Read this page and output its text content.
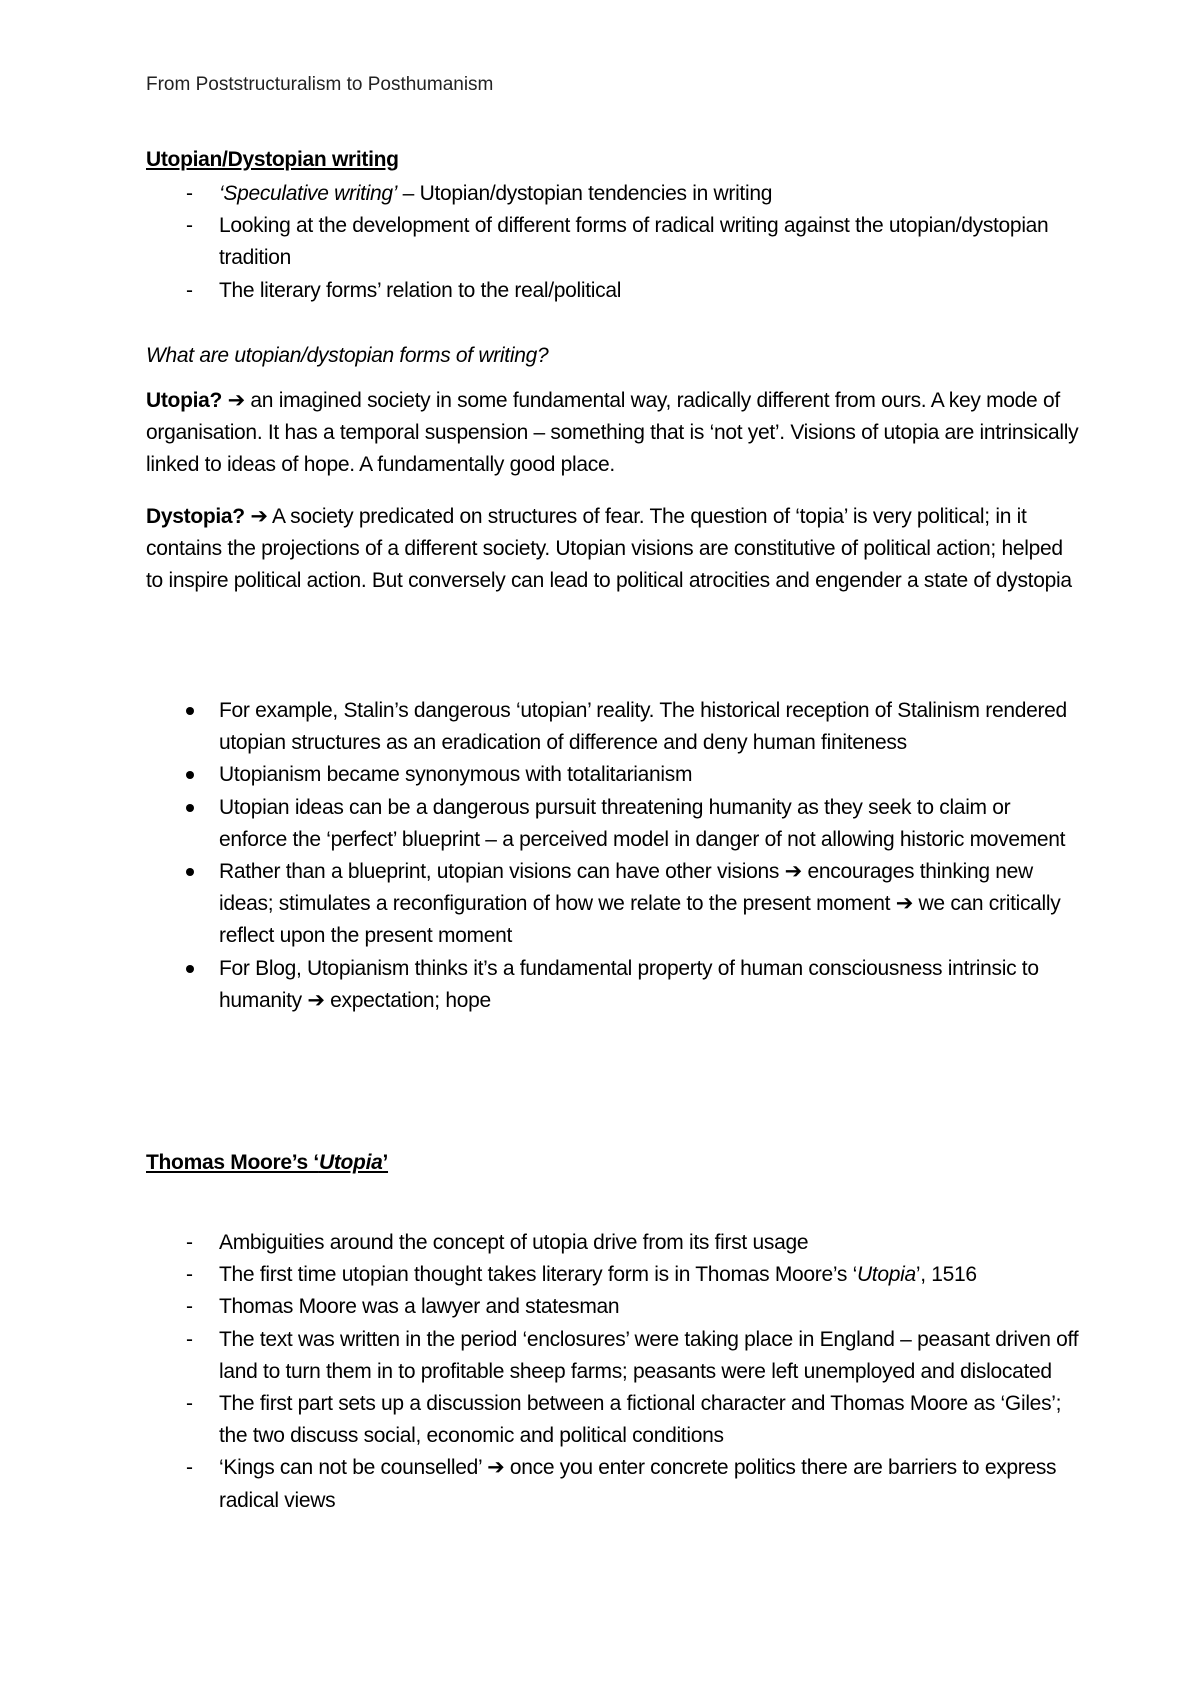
From Poststructuralism to Posthumanism
Utopian/Dystopian writing
- ‘Speculative writing’ – Utopian/dystopian tendencies in writing
- Looking at the development of different forms of radical writing against the utopian/dystopian tradition
- The literary forms’ relation to the real/political

What are utopian/dystopian forms of writing?

Utopia? ➔ an imagined society in some fundamental way, radically different from ours. A key mode of organisation. It has a temporal suspension – something that is ‘not yet’. Visions of utopia are intrinsically linked to ideas of hope. A fundamentally good place.

Dystopia? ➔ A society predicated on structures of fear. The question of ‘topia’ is very political; in it contains the projections of a different society. Utopian visions are constitutive of political action; helped to inspire political action. But conversely can lead to political atrocities and engender a state of dystopia

For example, Stalin’s dangerous ‘utopian’ reality. The historical reception of Stalinism rendered utopian structures as an eradication of difference and deny human finiteness
Utopianism became synonymous with totalitarianism
Utopian ideas can be a dangerous pursuit threatening humanity as they seek to claim or enforce the ‘perfect’ blueprint – a perceived model in danger of not allowing historic movement
Rather than a blueprint, utopian visions can have other visions ➔ encourages thinking new ideas; stimulates a reconfiguration of how we relate to the present moment ➔ we can critically reflect upon the present moment
For Blog, Utopianism thinks it’s a fundamental property of human consciousness intrinsic to humanity ➔ expectation; hope
Thomas Moore’s ‘Utopia’
- Ambiguities around the concept of utopia drive from its first usage
- The first time utopian thought takes literary form is in Thomas Moore’s ‘Utopia’, 1516
- Thomas Moore was a lawyer and statesman
- The text was written in the period ‘enclosures’ were taking place in England – peasant driven off land to turn them in to profitable sheep farms; peasants were left unemployed and dislocated
- The first part sets up a discussion between a fictional character and Thomas Moore as ‘Giles’; the two discuss social, economic and political conditions
- ‘Kings can not be counselled’ ➔ once you enter concrete politics there are barriers to express radical views
